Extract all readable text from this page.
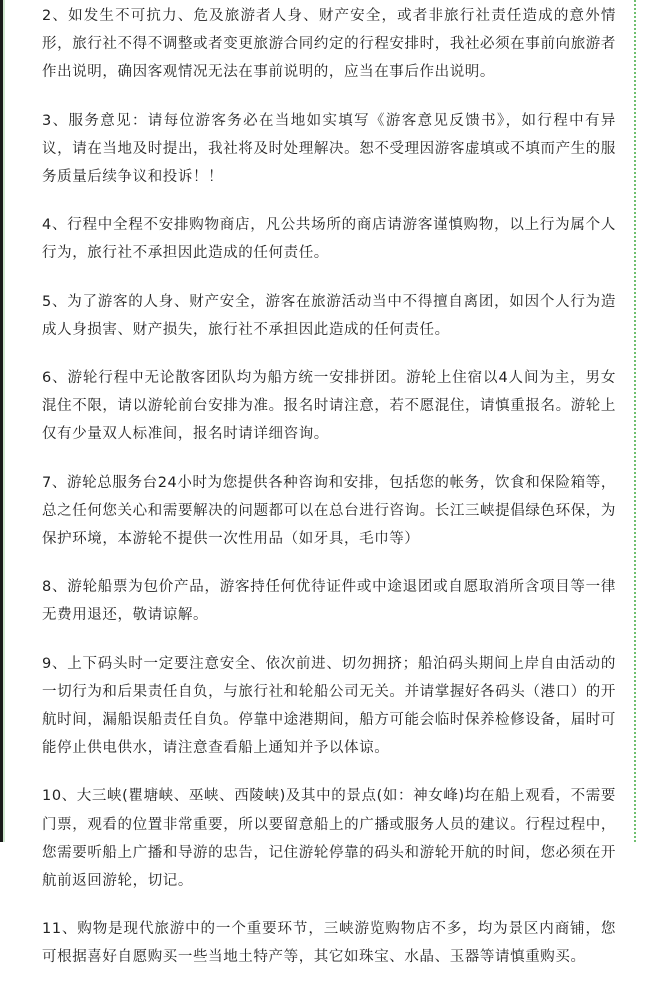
2、如发生不可抗力、危及旅游者人身、财产安全，或者非旅行社责任造成的意外情形，旅行社不得不调整或者变更旅游合同约定的行程安排时，我社必须在事前向旅游者作出说明，确因客观情况无法在事前说明的，应当在事后作出说明。

3、服务意见：请每位游客务必在当地如实填写《游客意见反馈书》，如行程中有异议，请在当地及时提出，我社将及时处理解决。恕不受理因游客虚填或不填而产生的服务质量后续争议和投诉！！

4、行程中全程不安排购物商店，凡公共场所的商店请游客谨慎购物，以上行为属个人行为，旅行社不承担因此造成的任何责任。

5、为了游客的人身、财产安全，游客在旅游活动当中不得擅自离团，如因个人行为造成人身损害、财产损失，旅行社不承担因此造成的任何责任。

6、游轮行程中无论散客团队均为船方统一安排拼团。游轮上住宿以4人间为主，男女混住不限，请以游轮前台安排为准。报名时请注意，若不愿混住，请慎重报名。游轮上仅有少量双人标准间，报名时请详细咨询。

7、游轮总服务台24小时为您提供各种咨询和安排，包括您的帐务，饮食和保险箱等，总之任何您关心和需要解决的问题都可以在总台进行咨询。长江三峡提倡绿色环保，为保护环境，本游轮不提供一次性用品（如牙具，毛巾等）

8、游轮船票为包价产品，游客持任何优待证件或中途退团或自愿取消所含项目等一律无费用退还，敬请谅解。

9、上下码头时一定要注意安全、依次前进、切勿拥挤；船泊码头期间上岸自由活动的一切行为和后果责任自负，与旅行社和轮船公司无关。并请掌握好各码头（港口）的开航时间，漏船误船责任自负。停靠中途港期间，船方可能会临时保养检修设备，届时可能停止供电供水，请注意查看船上通知并予以体谅。

10、大三峡(瞿塘峡、巫峡、西陵峡)及其中的景点(如：神女峰)均在船上观看，不需要门票，观看的位置非常重要，所以要留意船上的广播或服务人员的建议。行程过程中，您需要听船上广播和导游的忠告，记住游轮停靠的码头和游轮开航的时间，您必须在开航前返回游轮，切记。

11、购物是现代旅游中的一个重要环节，三峡游览购物店不多，均为景区内商铺，您可根据喜好自愿购买一些当地土特产等，其它如珠宝、水晶、玉器等请慎重购买。
